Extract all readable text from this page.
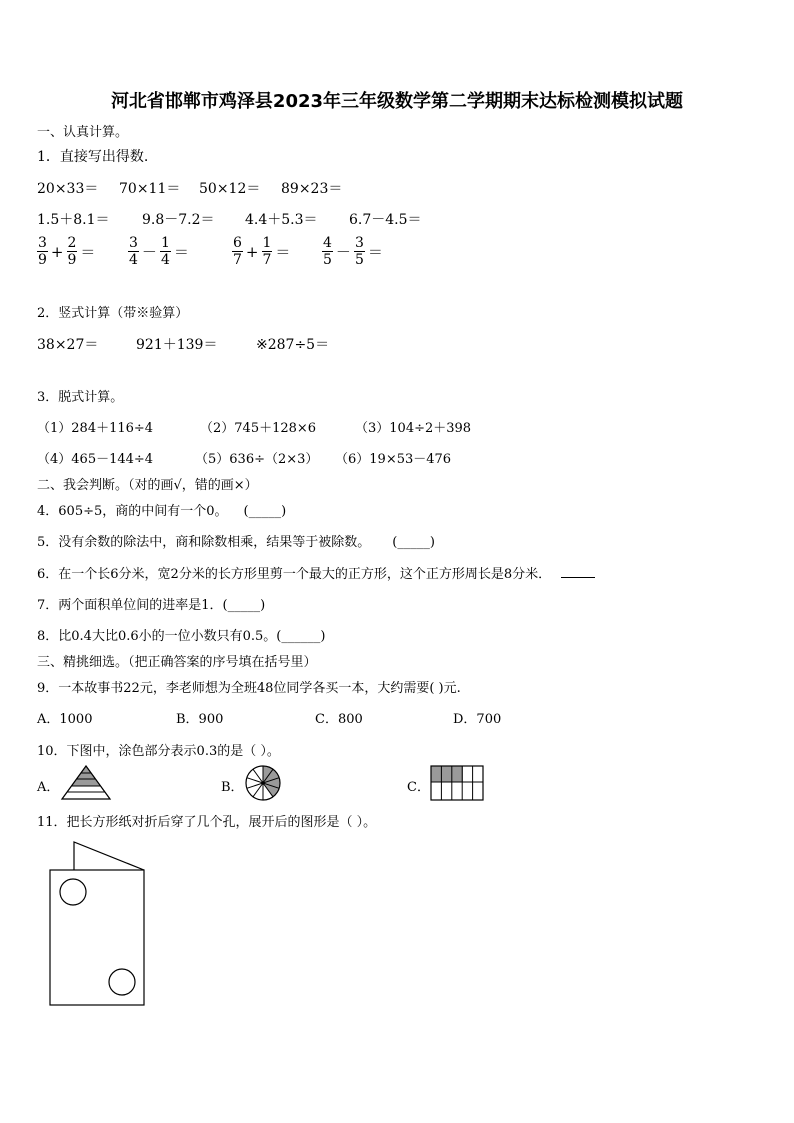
河北省邯郸市鸡泽县2023年三年级数学第二学期期末达标检测模拟试题
一、认真计算。
1．直接写出得数.
20×33＝ 70×11＝ 50×12＝ 89×23＝
1.5＋8.1＝ 9.8－7.2＝ 4.4＋5.3＝ 6.7－4.5＝
$\frac{3}{9} + \frac{2}{9} = \frac{3}{4} - \frac{1}{4}$ ＝	$\frac{6}{7} + \frac{1}{7} = \frac{4}{5} - \frac{3}{5}$ ＝
2．竖式计算（带※验算）
38×27＝	921＋139＝	※287÷5＝
3．脱式计算。
（1）284＋116÷4	（2）745＋128×6	（3）104÷2＋398
（4）465－144÷4	（5）636÷（2×3） （6）19×53－476
二、我会判断。（对的画√，错的画×）
4．605÷5，商的中间有一个0。 (_____)
5．没有余数的除法中，商和除数相乘，结果等于被除数。 (_____)
6．在一个长6分米，宽2分米的长方形里剪一个最大的正方形，这个正方形周长是8分米．
7．两个面积单位间的进率是1．(_____)
8．比0.4大比0.6小的一位小数只有0.5。(______)
三、精挑细选。（把正确答案的序号填在括号里）
9．一本故事书22元，李老师想为全班48位同学各买一本，大约需要( )元.
A．1000	B．900	C．800	D．700
10．下图中，涂色部分表示0.3的是（ ）。
A．	B．	C．
11．把长方形纸对折后穿了几个孔，展开后的图形是（ ）。
